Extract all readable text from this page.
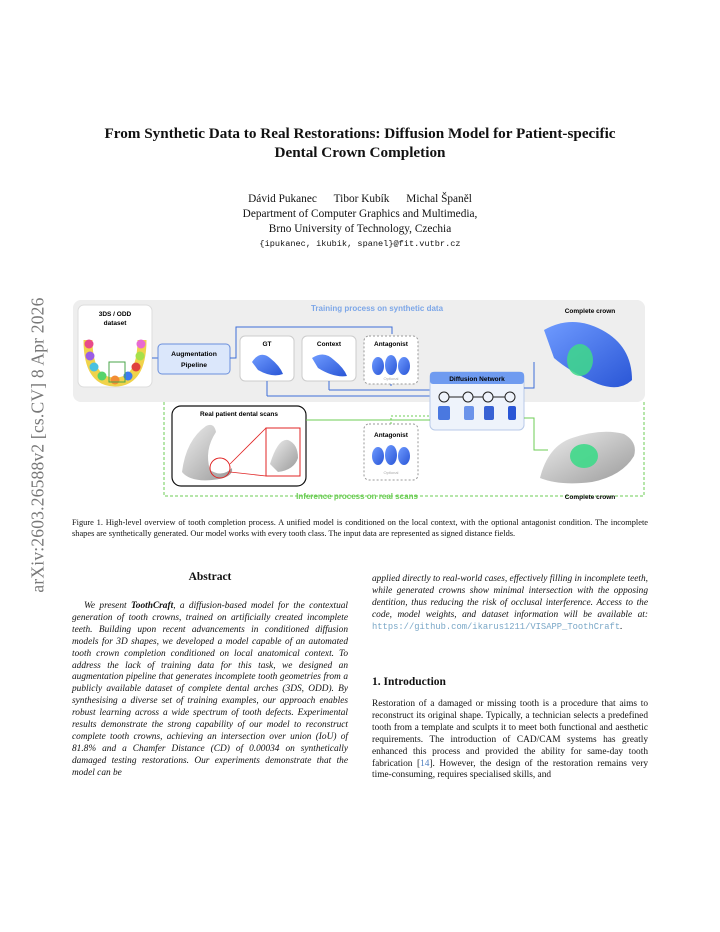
arXiv:2603.26588v2 [cs.CV] 8 Apr 2026
From Synthetic Data to Real Restorations: Diffusion Model for Patient-specific
Dental Crown Completion
Dávid Pukanec Tibor Kubík Michal Španěl
Department of Computer Graphics and Multimedia,
Brno University of Technology, Czechia
{ipukanec, ikubik, spanel}@fit.vutbr.cz
Training process on synthetic data
3DS / ODD
dataset
Augmentation
Pipeline
GT	Context	Antagonist
Optional	Diffusion Network
Complete crown
Inference process on real scans
Real patient dental scans
Antagonist
Optional
Complete crown
Figure 1. High-level overview of tooth completion process. A unified model is conditioned on the local context, with the optional antagonist condition. The incomplete shapes are synthetically generated. Our model works with every tooth class. The input data are represented as signed distance fields.
Abstract

We present ToothCraft, a diffusion-based model for the contextual generation of tooth crowns, trained on artificially created incomplete teeth. Building upon recent advancements in conditioned diffusion models for 3D shapes, we developed a model capable of an automated tooth crown completion conditioned on local anatomical context. To address the lack of training data for this task, we designed an augmentation pipeline that generates incomplete tooth geometries from a publicly available dataset of complete dental arches (3DS, ODD). By synthesising a diverse set of training examples, our approach enables robust learning across a wide spectrum of tooth defects. Experimental results demonstrate the strong capability of our model to reconstruct complete tooth crowns, achieving an intersection over union (IoU) of 81.8% and a Chamfer Distance (CD) of 0.00034 on synthetically damaged testing restorations. Our experiments demonstrate that the model can be

applied directly to real-world cases, effectively filling in incomplete teeth, while generated crowns show minimal intersection with the opposing dentition, thus reducing the risk of occlusal interference. Access to the code, model weights, and dataset information will be available at: https://github.com/ikarus1211/VISAPP_ToothCraft.

1. Introduction

Restoration of a damaged or missing tooth is a procedure that aims to reconstruct its original shape. Typically, a technician selects a predefined tooth from a template and sculpts it to meet both functional and aesthetic requirements. The introduction of CAD/CAM systems has greatly enhanced this process and provided the ability for same-day tooth fabrication [14]. However, the design of the restoration remains very time-consuming, requires specialised skills, and
